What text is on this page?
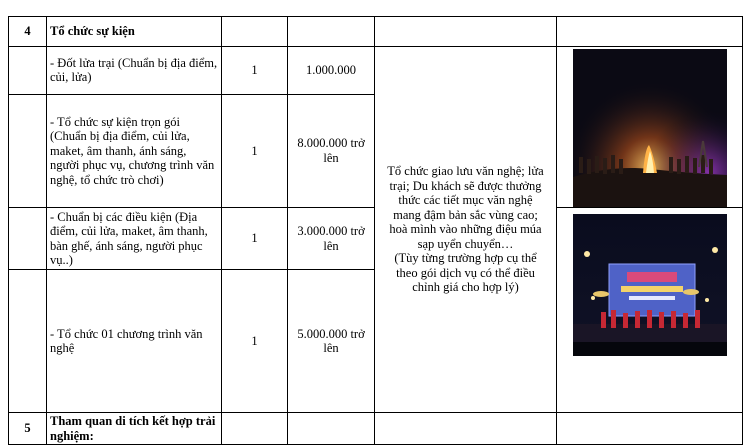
4	Tổ chức sự kiện				
	- Đốt lửa trại (Chuẩn bị địa điểm, củi, lửa)	1	1.000.000	Tổ chức giao lưu văn nghệ; lửa trại; Du khách sẽ được thưởng thức các tiết mục văn nghệ mang đậm bản sắc vùng cao; hoà mình vào những điệu múa sạp uyển chuyển…
(Tùy từng trường hợp cụ thể theo gói dịch vụ có thể điều chỉnh giá cho hợp lý)	

	- Tổ chức sự kiện trọn gói (Chuẩn bị địa điểm, củi lửa, maket, âm thanh, ánh sáng, người phục vụ, chương trình văn nghệ, tổ chức trò chơi)	1	8.000.000 trở lên		
	- Chuẩn bị các điều kiện (Địa điểm, củi lửa, maket, âm thanh, bàn ghế, ánh sáng, người phục vụ..)	1	3.000.000 trở lên	

	- Tổ chức 01 chương trình văn nghệ	1	5.000.000 trở lên		
5	Tham quan di tích kết hợp trải nghiệm:				
